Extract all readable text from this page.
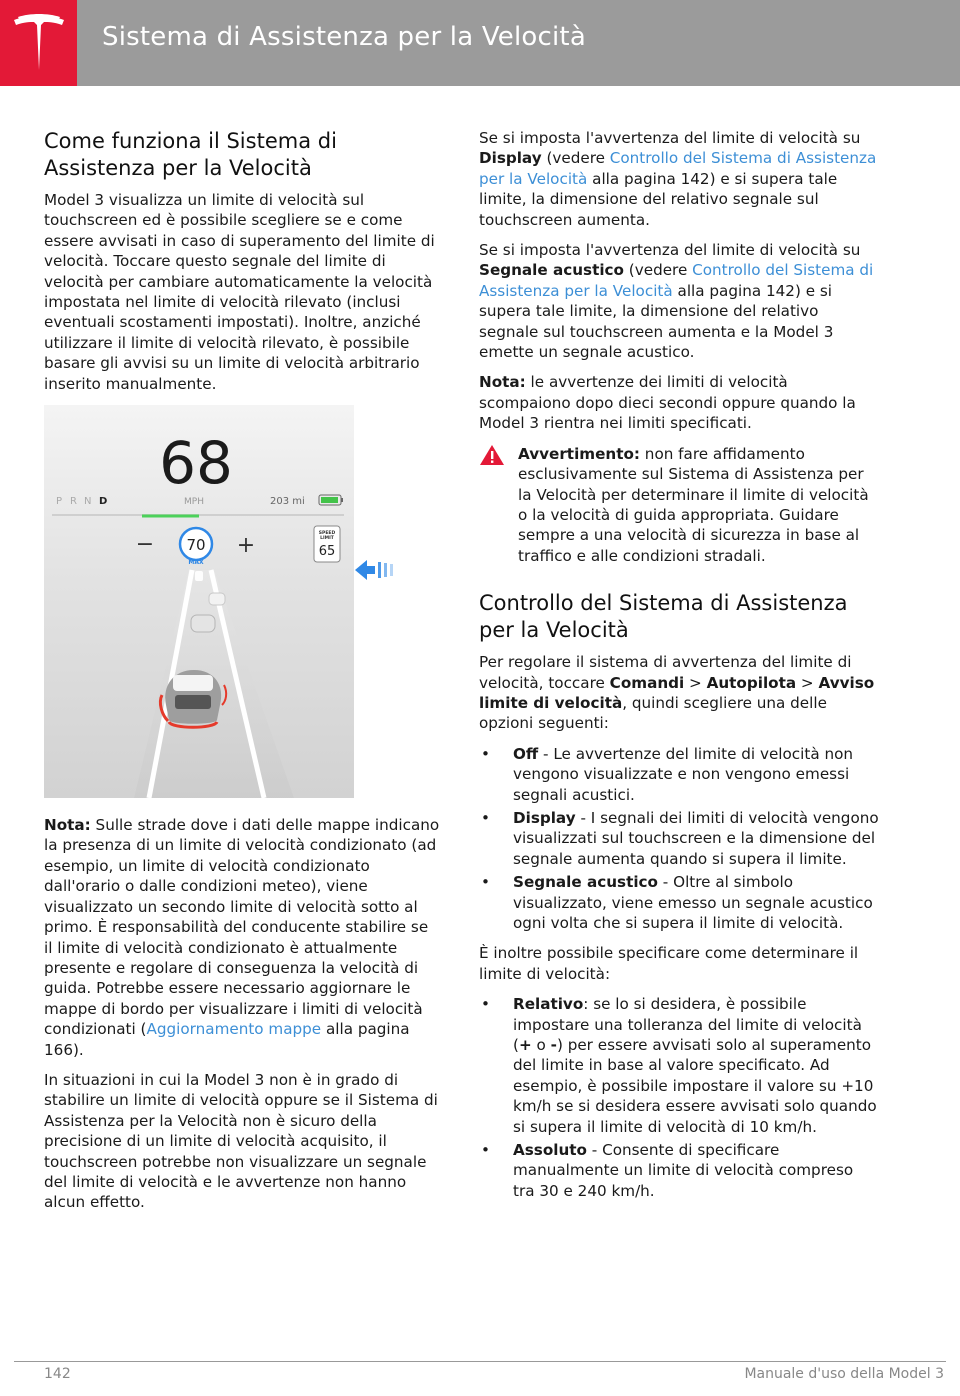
Sistema di Assistenza per la Velocità
Come funziona il Sistema di Assistenza per la Velocità

Model 3 visualizza un limite di velocità sul touchscreen ed è possibile scegliere se e come essere avvisati in caso di superamento del limite di velocità. Toccare questo segnale del limite di velocità per cambiare automaticamente la velocità impostata nel limite di velocità rilevato (inclusi eventuali scostamenti impostati). Inoltre, anziché utilizzare il limite di velocità rilevato, è possibile basare gli avvisi su un limite di velocità arbitrario inserito manualmente.

68
P R N D	MPH	203 mi
− 70
MAX
+	SPEED
LIMIT
65

Nota: Sulle strade dove i dati delle mappe indicano la presenza di un limite di velocità condizionato (ad esempio, un limite di velocità condizionato dall'orario o dalle condizioni meteo), viene visualizzato un secondo limite di velocità sotto al primo. È responsabilità del conducente stabilire se il limite di velocità condizionato è attualmente presente e regolare di conseguenza la velocità di guida. Potrebbe essere necessario aggiornare le mappe di bordo per visualizzare i limiti di velocità condizionati (Aggiornamento mappe alla pagina 166).

In situazioni in cui la Model 3 non è in grado di stabilire un limite di velocità oppure se il Sistema di Assistenza per la Velocità non è sicuro della precisione di un limite di velocità acquisito, il touchscreen potrebbe non visualizzare un segnale del limite di velocità e le avvertenze non hanno alcun effetto.

Se si imposta l'avvertenza del limite di velocità su Display (vedere Controllo del Sistema di Assistenza per la Velocità alla pagina 142) e si supera tale limite, la dimensione del relativo segnale sul touchscreen aumenta.

Se si imposta l'avvertenza del limite di velocità su Segnale acustico (vedere Controllo del Sistema di Assistenza per la Velocità alla pagina 142) e si supera tale limite, la dimensione del relativo segnale sul touchscreen aumenta e la Model 3 emette un segnale acustico.

Nota: le avvertenze dei limiti di velocità scompaiono dopo dieci secondi oppure quando la Model 3 rientra nei limiti specificati.

Avvertimento: non fare affidamento esclusivamente sul Sistema di Assistenza per la Velocità per determinare il limite di velocità o la velocità di guida appropriata. Guidare sempre a una velocità di sicurezza in base al traffico e alle condizioni stradali.

Controllo del Sistema di Assistenza per la Velocità

Per regolare il sistema di avvertenza del limite di velocità, toccare Comandi > Autopilota > Avviso limite di velocità, quindi scegliere una delle opzioni seguenti:

• Off - Le avvertenze del limite di velocità non vengono visualizzate e non vengono emessi segnali acustici.
• Display - I segnali dei limiti di velocità vengono visualizzati sul touchscreen e la dimensione del segnale aumenta quando si supera il limite.
• Segnale acustico - Oltre al simbolo visualizzato, viene emesso un segnale acustico ogni volta che si supera il limite di velocità.

È inoltre possibile specificare come determinare il limite di velocità:

• Relativo: se lo si desidera, è possibile impostare una tolleranza del limite di velocità (+ o -) per essere avvisati solo al superamento del limite in base al valore specificato. Ad esempio, è possibile impostare il valore su +10 km/h se si desidera essere avvisati solo quando si supera il limite di velocità di 10 km/h.
• Assoluto - Consente di specificare manualmente un limite di velocità compreso tra 30 e 240 km/h.
142	Manuale d'uso della Model 3
